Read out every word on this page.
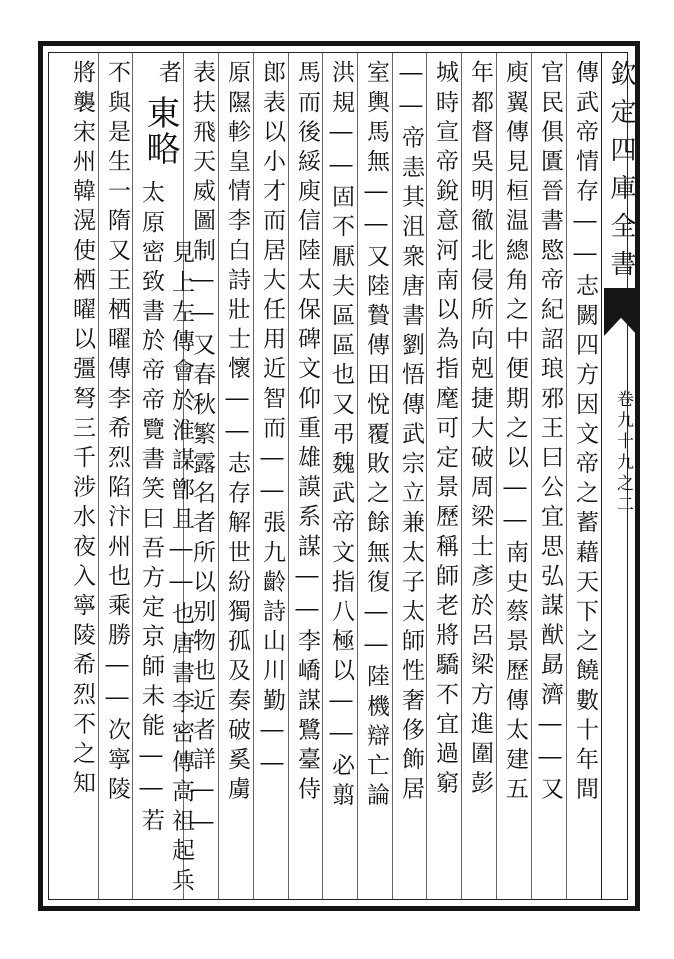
欽定四庫全書
卷九十九之二
傳武帝情存――志闕四方因文帝之蓄藉天下之饒數十年間
官民俱匱晉書愍帝紀詔琅邪王曰公宜思弘謀猷勗濟――又
庾翼傳見桓温總角之中便期之以――南史蔡景歷傳太建五
年都督吳明徹北侵所向剋捷大破周梁士彥於呂梁方進圍彭
城時宣帝銳意河南以為指麾可定景歷稱師老將驕不宜過窮
――帝恚其沮衆唐書劉悟傳武宗立兼太子太師性奢侈飾居
室輿馬無――又陸贄傳田悅覆敗之餘無復――陸機辯亡論
洪規――固不厭夫區區也又弔魏武帝文指八極以――必翦
馬而後綏庾信陸太保碑文仰重雄謨系謀――李嶠謀鷺臺侍
郎表以小才而居大任用近智而――張九齡詩山川勤――
原隰軫皇情李白詩壯士懷――志存解世紛獨孤及奏破奚虜
表扶飛天威圖制――又春秋繁露名者所以别物也近者詳――
者
東略
見上左傳會於淮謀鄫且――也唐書李密傳高祖起兵
太原密致書於帝帝覽書笑曰吾方定京師未能――若
不與是生一隋又王栖曜傳李希烈陷汴州也乘勝――次寧陵
將襲宋州韓滉使栖曜以彊弩三千涉水夜入寧陵希烈不之知
